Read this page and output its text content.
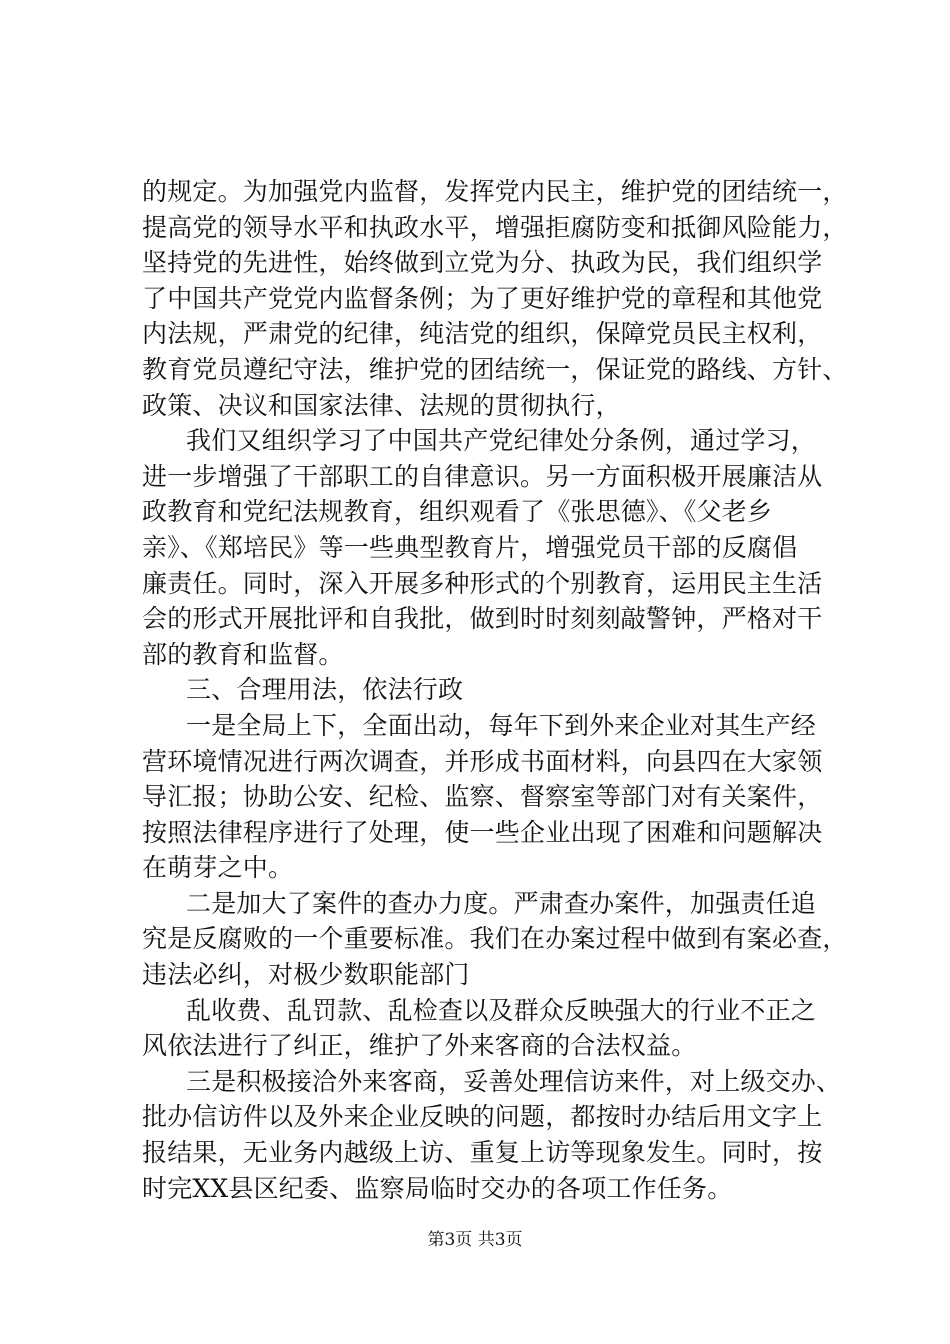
的规定。为加强党内监督，发挥党内民主，维护党的团结统一，
提高党的领导水平和执政水平，增强拒腐防变和抵御风险能力，
坚持党的先进性，始终做到立党为分、执政为民，我们组织学
了中国共产党党内监督条例；为了更好维护党的章程和其他党
内法规，严肃党的纪律，纯洁党的组织，保障党员民主权利，
教育党员遵纪守法，维护党的团结统一，保证党的路线、方针、
政策、决议和国家法律、法规的贯彻执行，
我们又组织学习了中国共产党纪律处分条例，通过学习，
进一步增强了干部职工的自律意识。另一方面积极开展廉洁从
政教育和党纪法规教育，组织观看了《张思德》、《父老乡
亲》、《郑培民》等一些典型教育片，增强党员干部的反腐倡
廉责任。同时，深入开展多种形式的个别教育，运用民主生活
会的形式开展批评和自我批，做到时时刻刻敲警钟，严格对干
部的教育和监督。
三、合理用法，依法行政
一是全局上下，全面出动，每年下到外来企业对其生产经
营环境情况进行两次调查，并形成书面材料，向县四在大家领
导汇报；协助公安、纪检、监察、督察室等部门对有关案件，
按照法律程序进行了处理，使一些企业出现了困难和问题解决
在萌芽之中。
二是加大了案件的查办力度。严肃查办案件，加强责任追
究是反腐败的一个重要标准。我们在办案过程中做到有案必查，
违法必纠，对极少数职能部门
乱收费、乱罚款、乱检查以及群众反映强大的行业不正之
风依法进行了纠正，维护了外来客商的合法权益。
三是积极接洽外来客商，妥善处理信访来件，对上级交办、
批办信访件以及外来企业反映的问题，都按时办结后用文字上
报结果，无业务内越级上访、重复上访等现象发生。同时，按
时完XX县区纪委、监察局临时交办的各项工作任务。
第3页 共3页
